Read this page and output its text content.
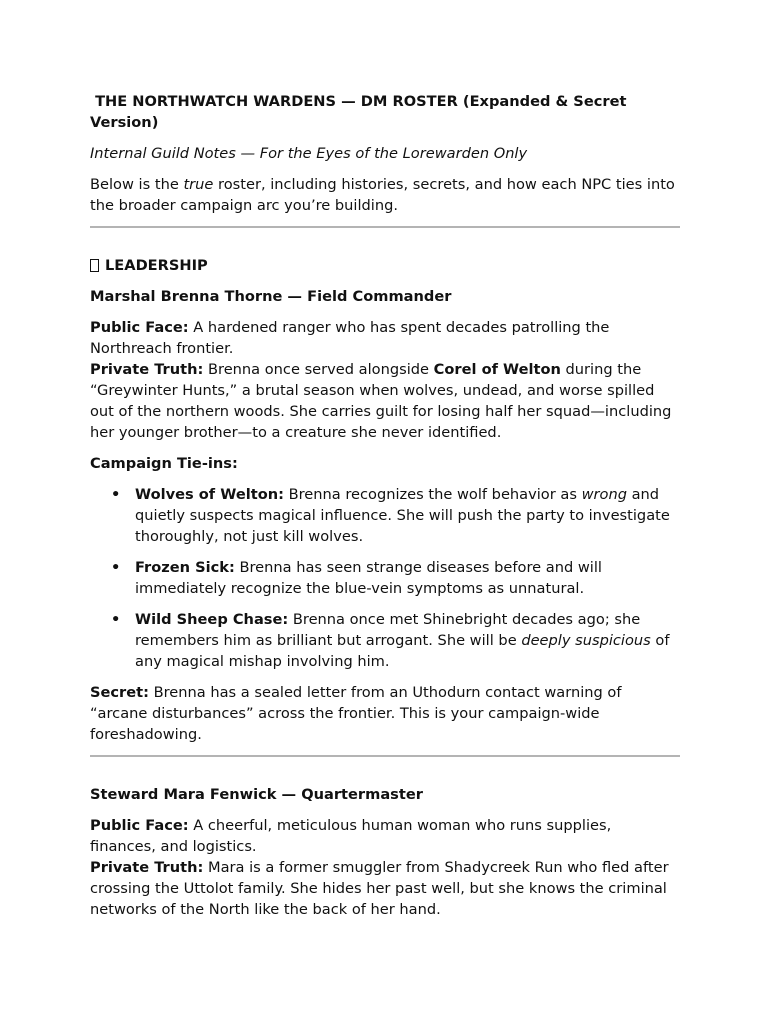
THE NORTHWATCH WARDENS — DM ROSTER (Expanded & Secret Version)

Internal Guild Notes — For the Eyes of the Lorewarden Only

Below is the true roster, including histories, secrets, and how each NPC ties into the broader campaign arc you’re building.

LEADERSHIP

Marshal Brenna Thorne — Field Commander

Public Face: A hardened ranger who has spent decades patrolling the Northreach frontier.

Private Truth: Brenna once served alongside Corel of Welton during the “Greywinter Hunts,” a brutal season when wolves, undead, and worse spilled out of the northern woods. She carries guilt for losing half her squad—including her younger brother—to a creature she never identified.

Campaign Tie-ins:

• Wolves of Welton: Brenna recognizes the wolf behavior as wrong and quietly suspects magical influence. She will push the party to investigate thoroughly, not just kill wolves.
• Frozen Sick: Brenna has seen strange diseases before and will immediately recognize the blue-vein symptoms as unnatural.
• Wild Sheep Chase: Brenna once met Shinebright decades ago; she remembers him as brilliant but arrogant. She will be deeply suspicious of any magical mishap involving him.

Secret: Brenna has a sealed letter from an Uthodurn contact warning of “arcane disturbances” across the frontier. This is your campaign-wide foreshadowing.

Steward Mara Fenwick — Quartermaster

Public Face: A cheerful, meticulous human woman who runs supplies, finances, and logistics.

Private Truth: Mara is a former smuggler from Shadycreek Run who fled after crossing the Uttolot family. She hides her past well, but she knows the criminal networks of the North like the back of her hand.
